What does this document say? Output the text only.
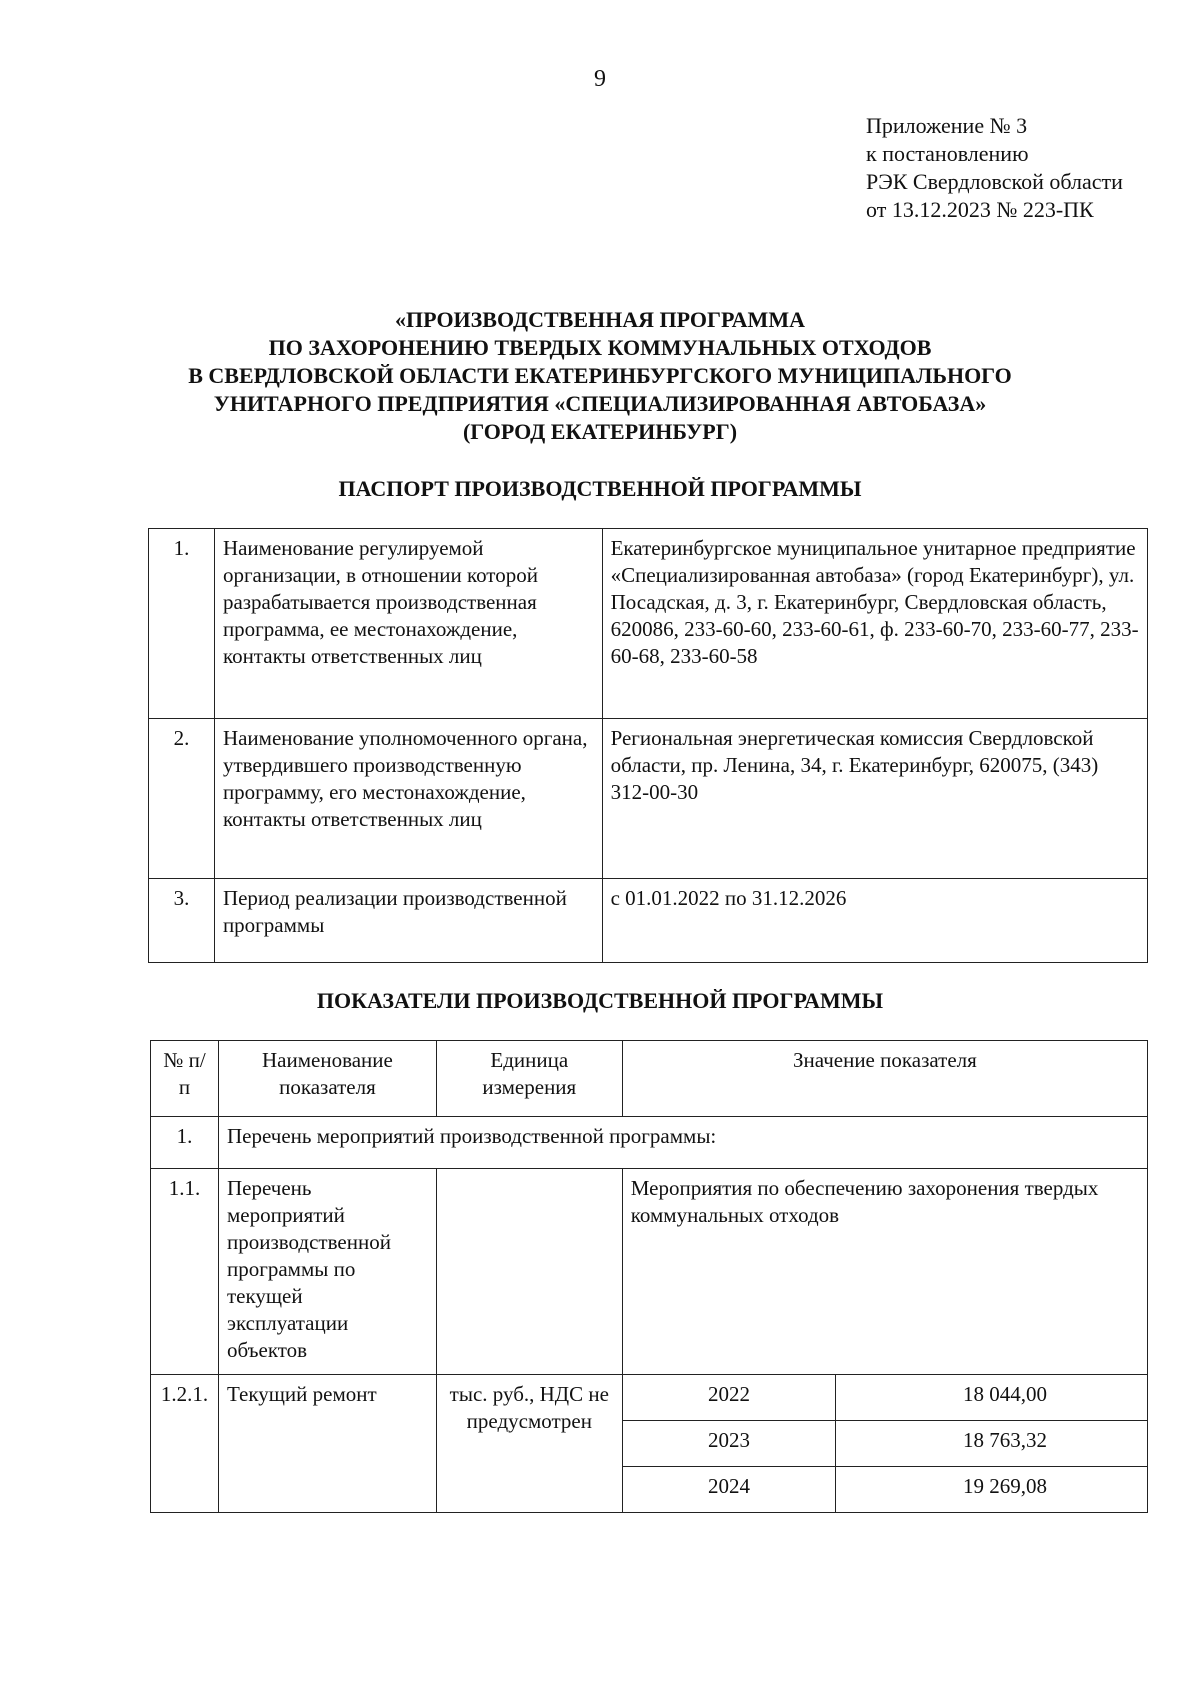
9
Приложение № 3
к постановлению
РЭК Свердловской области
от 13.12.2023 № 223-ПК
«ПРОИЗВОДСТВЕННАЯ ПРОГРАММА
ПО ЗАХОРОНЕНИЮ ТВЕРДЫХ КОММУНАЛЬНЫХ ОТХОДОВ
В СВЕРДЛОВСКОЙ ОБЛАСТИ ЕКАТЕРИНБУРГСКОГО МУНИЦИПАЛЬНОГО
УНИТАРНОГО ПРЕДПРИЯТИЯ «СПЕЦИАЛИЗИРОВАННАЯ АВТОБАЗА»
(ГОРОД ЕКАТЕРИНБУРГ)
ПАСПОРТ ПРОИЗВОДСТВЕННОЙ ПРОГРАММЫ
1.	Наименование регулируемой организации, в отношении которой разрабатывается производственная программа, ее местонахождение, контакты ответственных лиц	Екатеринбургское муниципальное унитарное предприятие «Специализированная автобаза» (город Екатеринбург), ул. Посадская, д. 3, г. Екатеринбург, Свердловская область, 620086, 233-60-60, 233-60-61, ф. 233-60-70, 233-60-77, 233-60-68, 233-60-58
2.	Наименование уполномоченного органа, утвердившего производственную программу, его местонахождение, контакты ответственных лиц	Региональная энергетическая комиссия Свердловской области, пр. Ленина, 34, г. Екатеринбург, 620075, (343) 312-00-30
3.	Период реализации производственной программы	с 01.01.2022 по 31.12.2026
ПОКАЗАТЕЛИ ПРОИЗВОДСТВЕННОЙ ПРОГРАММЫ
№ п/п	Наименование показателя	Единица измерения	Значение показателя	
1.	Перечень мероприятий производственной программы:			
1.1.	Перечень мероприятий производственной программы по текущей эксплуатации объектов		Мероприятия по обеспечению захоронения твердых коммунальных отходов	
1.2.1.	Текущий ремонт	тыс. руб., НДС не предусмотрен	2022	18 044,00
			2023	18 763,32
			2024	19 269,08
